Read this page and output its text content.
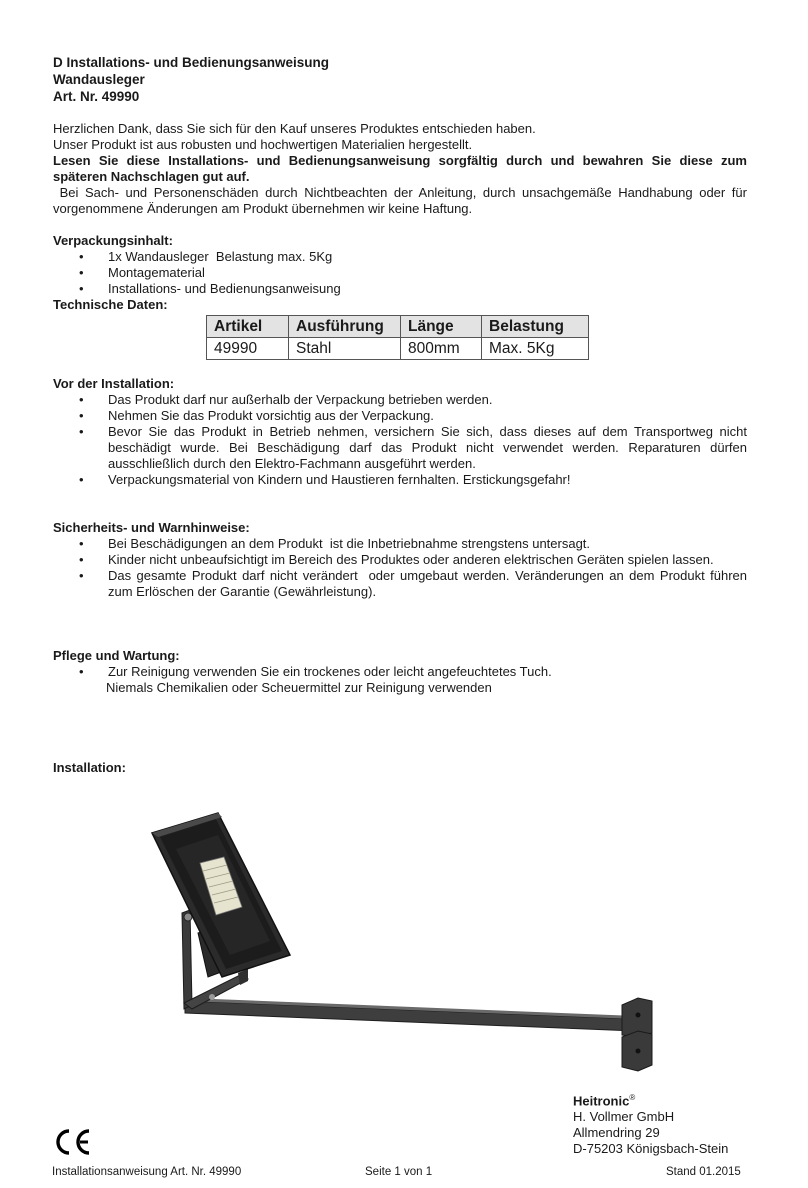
D Installations- und Bedienungsanweisung

Wandausleger

Art. Nr. 49990

Herzlichen Dank, dass Sie sich für den Kauf unseres Produktes entschieden haben.

Unser Produkt ist aus robusten und hochwertigen Materialien hergestellt.

Lesen Sie diese Installations- und Bedienungsanweisung sorgfältig durch und bewahren Sie diese zum späteren Nachschlagen gut auf.

Bei Sach- und Personenschäden durch Nichtbeachten der Anleitung, durch unsachgemäße Handhabung oder für vorgenommene Änderungen am Produkt übernehmen wir keine Haftung.

Verpackungsinhalt:

• 1x Wandausleger  Belastung max. 5Kg
• Montagematerial
• Installations- und Bedienungsanweisung

Technische Daten:

Artikel	Ausführung	Länge	Belastung
49990	Stahl	800mm	Max. 5Kg

Vor der Installation:

• Das Produkt darf nur außerhalb der Verpackung betrieben werden.
• Nehmen Sie das Produkt vorsichtig aus der Verpackung.
• Bevor Sie das Produkt in Betrieb nehmen, versichern Sie sich, dass dieses auf dem Transportweg nicht beschädigt wurde. Bei Beschädigung darf das Produkt nicht verwendet werden. Reparaturen dürfen ausschließlich durch den Elektro-Fachmann ausgeführt werden.
• Verpackungsmaterial von Kindern und Haustieren fernhalten. Erstickungsgefahr!

Sicherheits- und Warnhinweise:

• Bei Beschädigungen an dem Produkt  ist die Inbetriebnahme strengstens untersagt.
• Kinder nicht unbeaufsichtigt im Bereich des Produktes oder anderen elektrischen Geräten spielen lassen.
• Das gesamte Produkt darf nicht verändert  oder umgebaut werden. Veränderungen an dem Produkt führen zum Erlöschen der Garantie (Gewährleistung).

Pflege und Wartung:

• Zur Reinigung verwenden Sie ein trockenes oder leicht angefeuchtetes Tuch.

Niemals Chemikalien oder Scheuermittel zur Reinigung verwenden

Installation:

Heitronic®
H. Vollmer GmbH
Allmendring 29
D-75203 Königsbach-Stein
Installationsanweisung Art. Nr. 49990	Seite 1 von 1	Stand 01.2015
